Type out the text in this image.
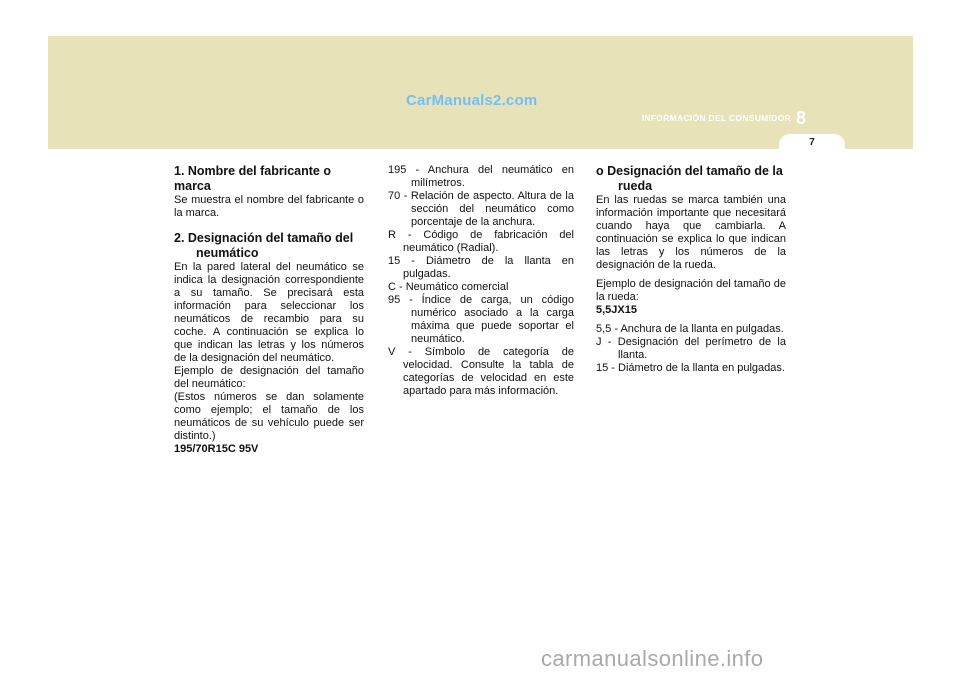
CarManuals2.com
INFORMACIÓN DEL CONSUMIDOR 8
7
1. Nombre del fabricante o marca

Se muestra el nombre del fabricante o la marca.

2. Designación del tamaño del neumático

En la pared lateral del neumático se indica la designación correspondiente a su tamaño. Se precisará esta información para seleccionar los neumáticos de recambio para su coche. A continuación se explica lo que indican las letras y los números de la designación del neumático.

Ejemplo de designación del tamaño del neumático:

(Estos números se dan solamente como ejemplo; el tamaño de los neumáticos de su vehículo puede ser distinto.)

195/70R15C 95V

195 - Anchura del neumático en milímetros.

70 - Relación de aspecto. Altura de la sección del neumático como porcentaje de la anchura.

R - Código de fabricación del neumático (Radial).

15 - Diámetro de la llanta en pulgadas.

C - Neumático comercial

95 - Índice de carga, un código numérico asociado a la carga máxima que puede soportar el neumático.

V - Símbolo de categoría de velocidad. Consulte la tabla de categorías de velocidad en este apartado para más información.

o Designación del tamaño de la rueda

En las ruedas se marca también una información importante que necesitará cuando haya que cambiarla. A continuación se explica lo que indican las letras y los números de la designación de la rueda.

Ejemplo de designación del tamaño de la rueda:

5,5JX15

5,5 - Anchura de la llanta en pulgadas.

J - Designación del perímetro de la llanta.

15 - Diámetro de la llanta en pulgadas.

carmanualsonline.info
